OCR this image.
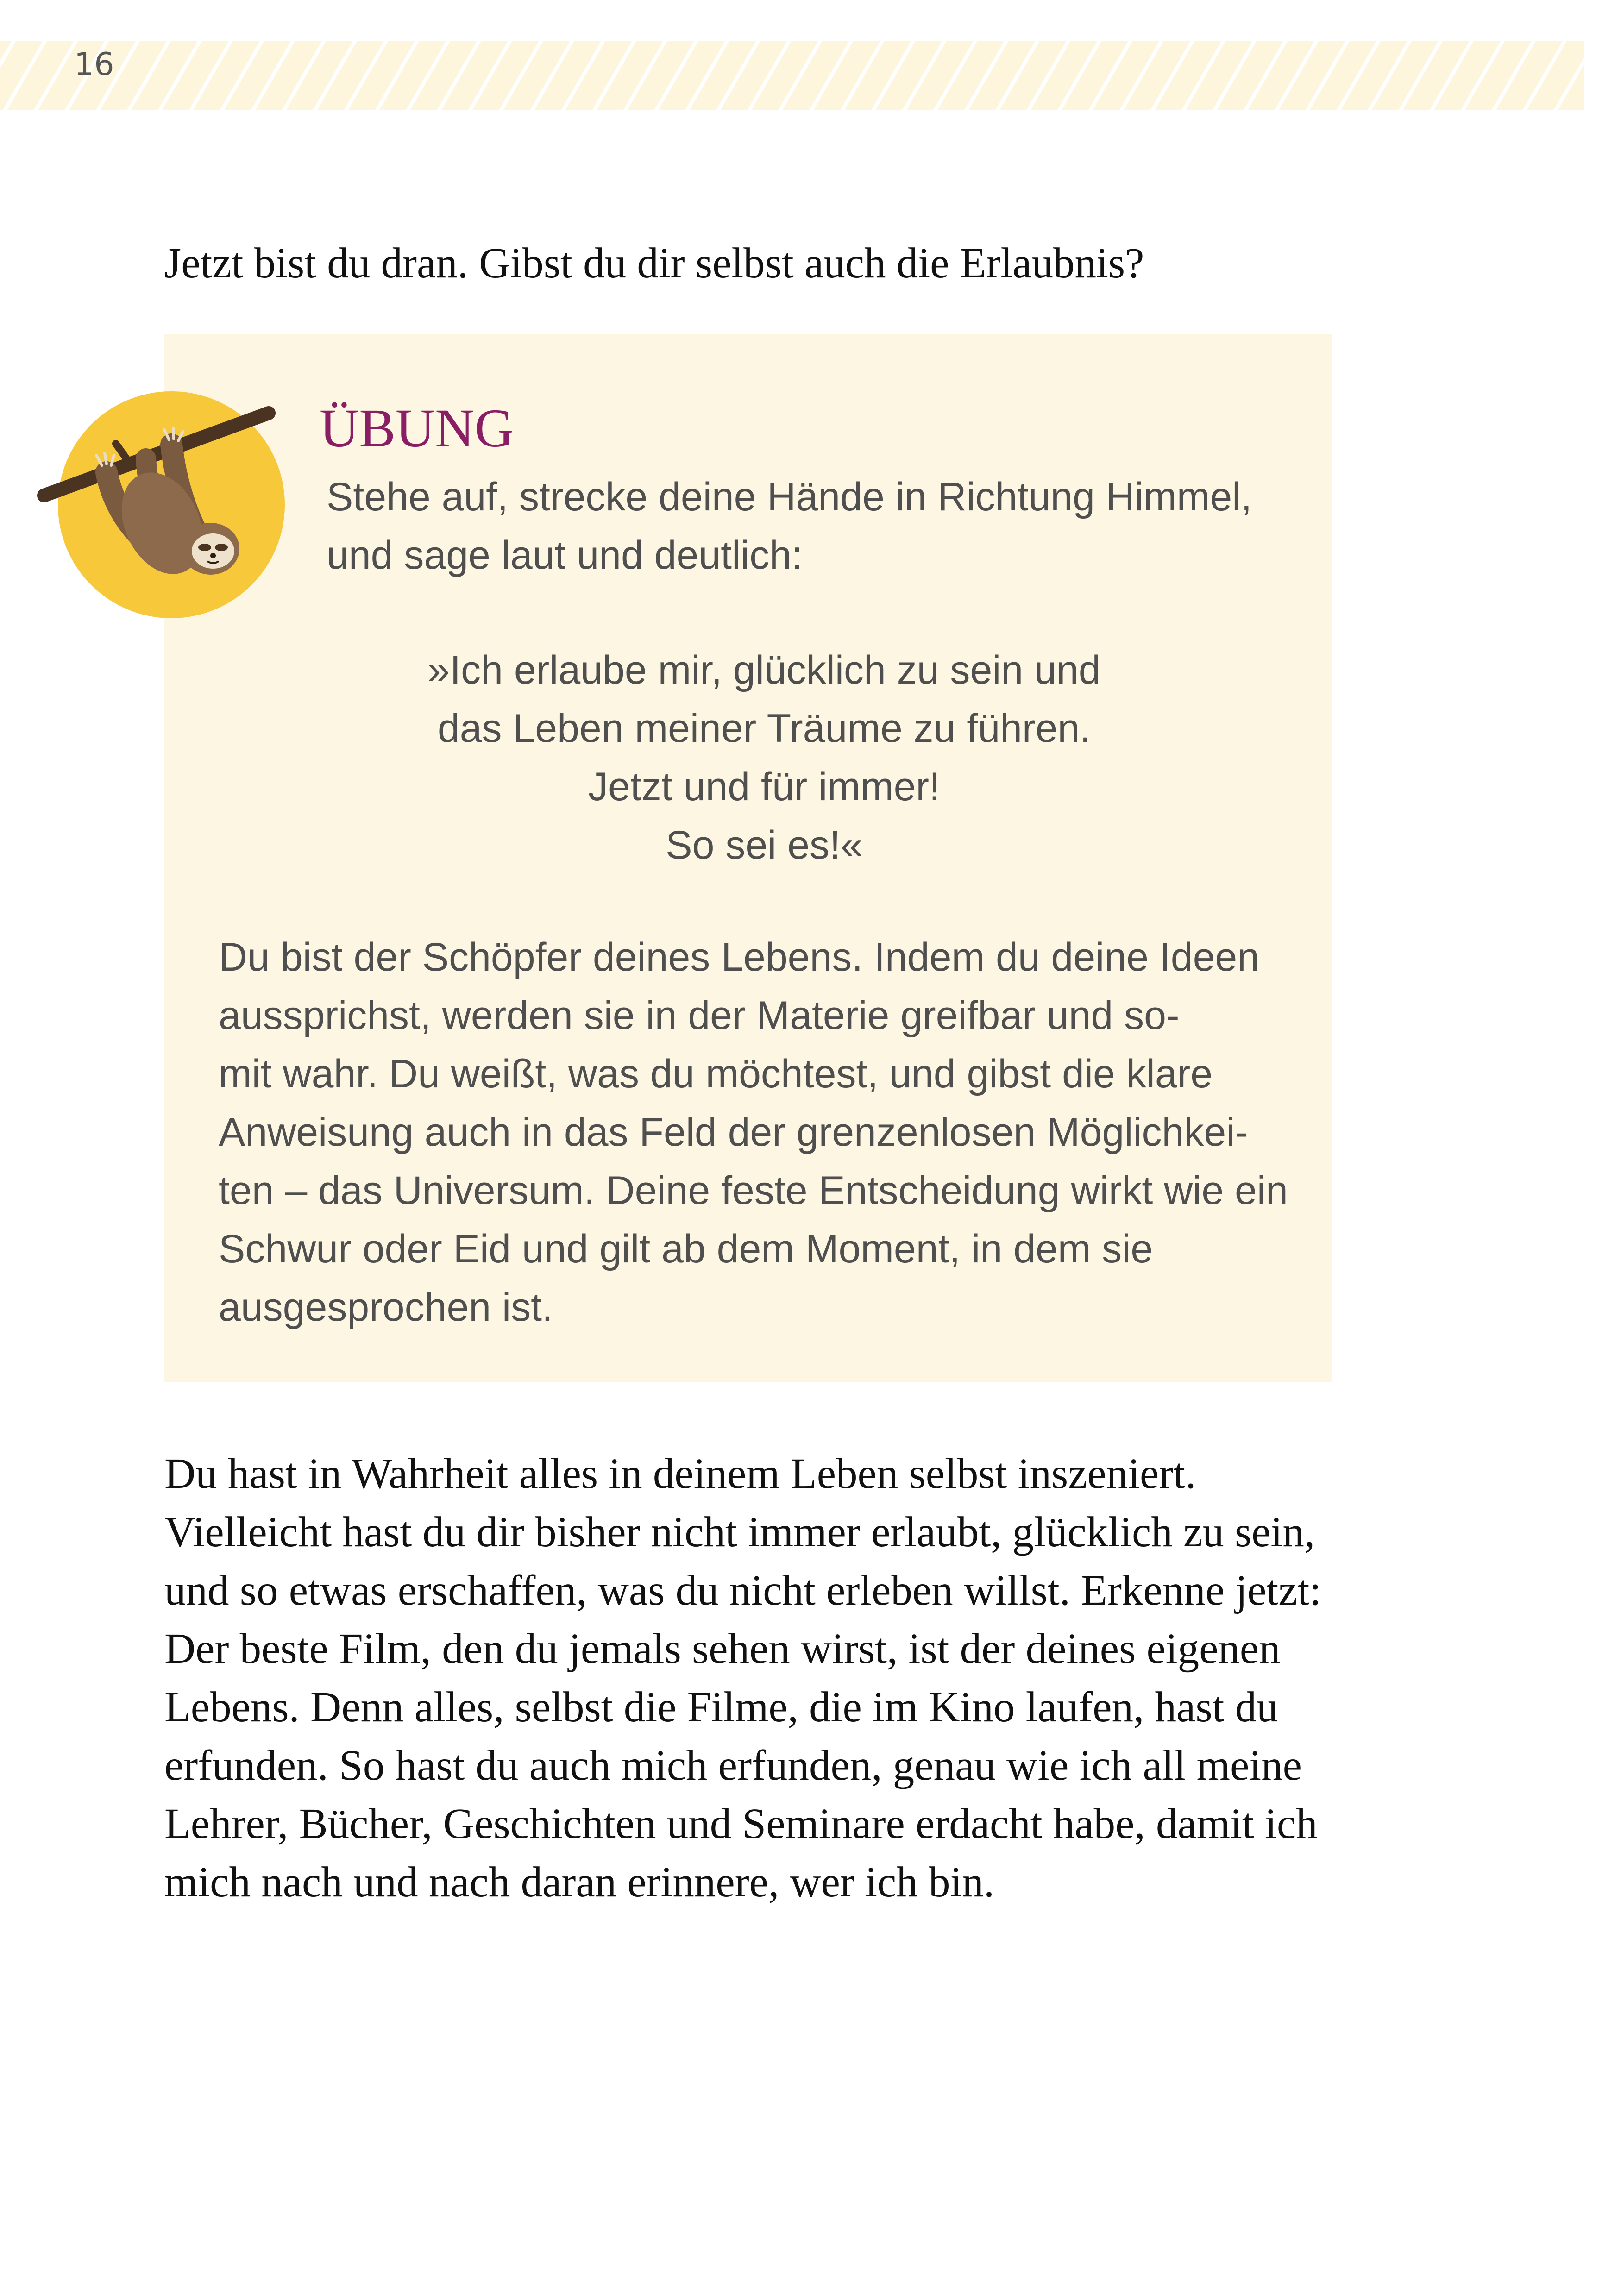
16

Jetzt bist du dran. Gibst du dir selbst auch die Erlaubnis?

ÜBUNG

Stehe auf, strecke deine Hände in Richtung Himmel,
und sage laut und deutlich:

»Ich erlaube mir, glücklich zu sein und
das Leben meiner Träume zu führen.
Jetzt und für immer!
So sei es!«

Du bist der Schöpfer deines Lebens. Indem du deine Ideen
aussprichst, werden sie in der Materie greifbar und so-
mit wahr. Du weißt, was du möchtest, und gibst die klare
Anweisung auch in das Feld der grenzenlosen Möglichkei-
ten – das Universum. Deine feste Entscheidung wirkt wie ein
Schwur oder Eid und gilt ab dem Moment, in dem sie
ausgesprochen ist.

Du hast in Wahrheit alles in deinem Leben selbst inszeniert.
Vielleicht hast du dir bisher nicht immer erlaubt, glücklich zu sein,
und so etwas erschaffen, was du nicht erleben willst. Erkenne jetzt:
Der beste Film, den du jemals sehen wirst, ist der deines eigenen
Lebens. Denn alles, selbst die Filme, die im Kino laufen, hast du
erfunden. So hast du auch mich erfunden, genau wie ich all meine
Lehrer, Bücher, Geschichten und Seminare erdacht habe, damit ich
mich nach und nach daran erinnere, wer ich bin.
